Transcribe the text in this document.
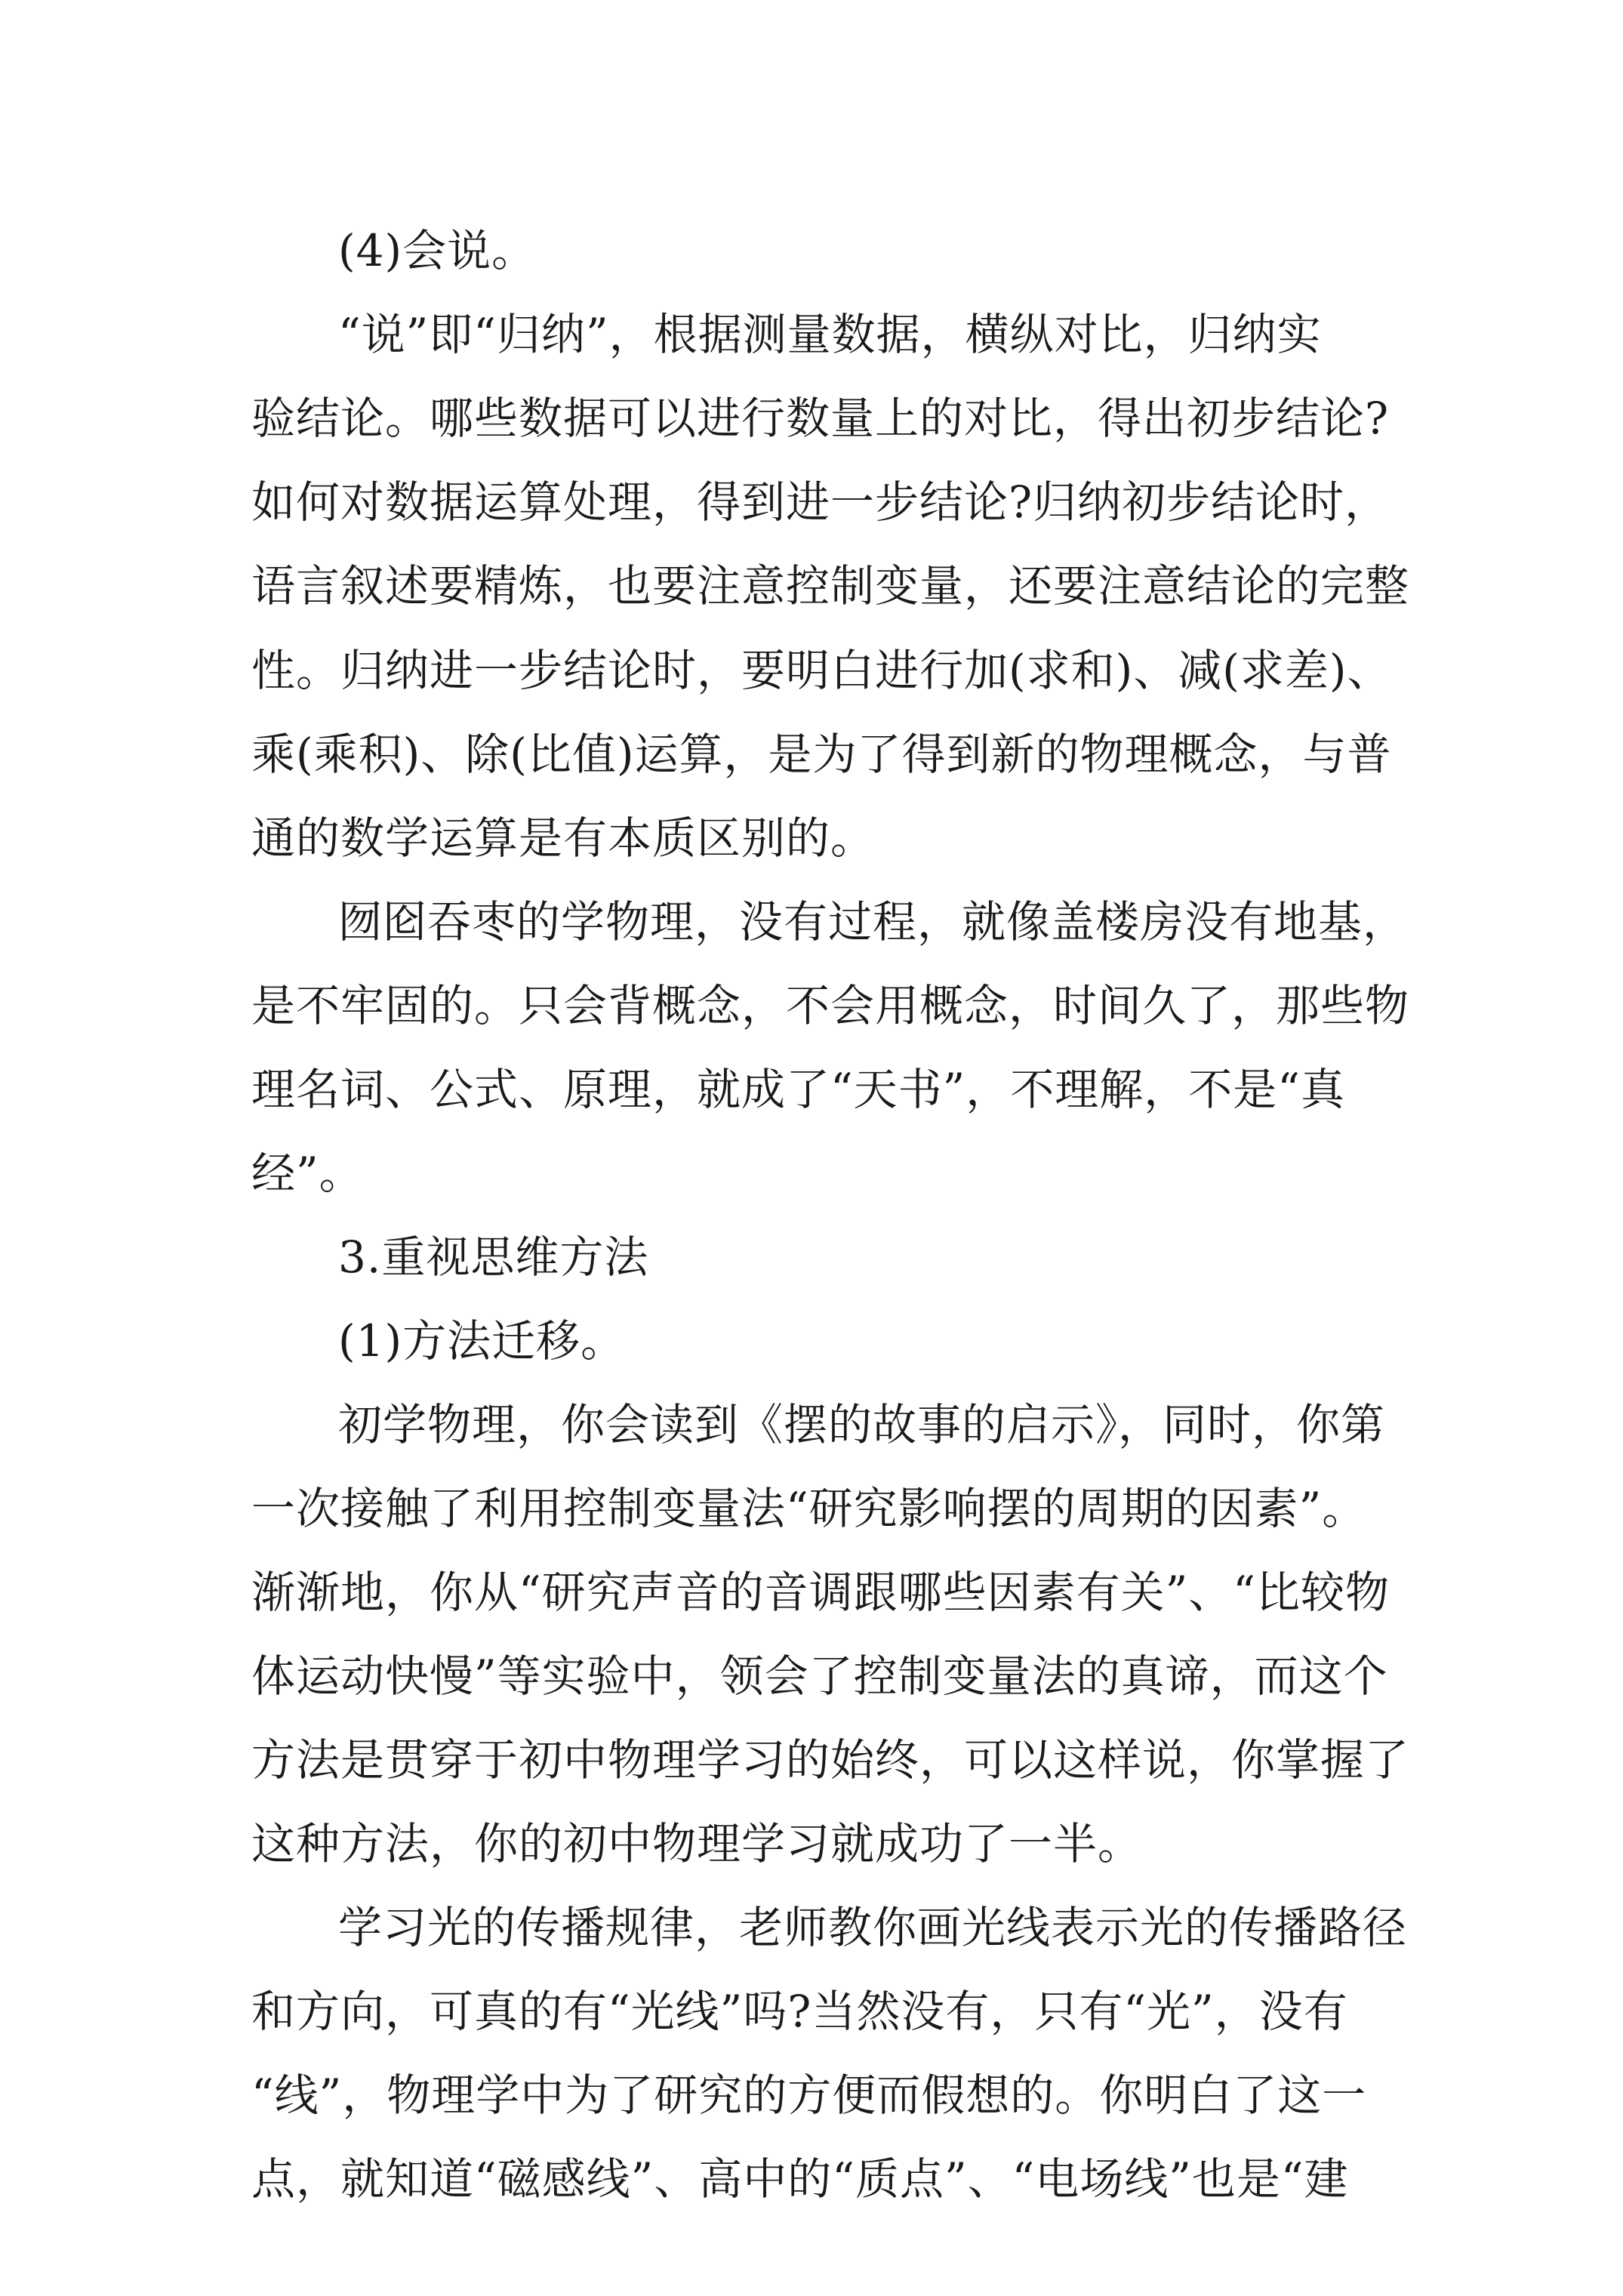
(4)会说。
“说”即“归纳”，根据测量数据，横纵对比，归纳实
验结论。哪些数据可以进行数量上的对比，得出初步结论?
如何对数据运算处理，得到进一步结论?归纳初步结论时，
语言叙述要精炼，也要注意控制变量，还要注意结论的完整
性。归纳进一步结论时，要明白进行加(求和)、减(求差)、
乘(乘积)、除(比值)运算，是为了得到新的物理概念，与普
通的数学运算是有本质区别的。
囫囵吞枣的学物理，没有过程，就像盖楼房没有地基，
是不牢固的。只会背概念，不会用概念，时间久了，那些物
理名词、公式、原理，就成了“天书”，不理解，不是“真
经”。
3.重视思维方法
(1)方法迁移。
初学物理，你会读到《摆的故事的启示》，同时，你第
一次接触了利用控制变量法“研究影响摆的周期的因素”。
渐渐地，你从“研究声音的音调跟哪些因素有关”、“比较物
体运动快慢”等实验中，领会了控制变量法的真谛，而这个
方法是贯穿于初中物理学习的始终，可以这样说，你掌握了
这种方法，你的初中物理学习就成功了一半。
学习光的传播规律，老师教你画光线表示光的传播路径
和方向，可真的有“光线”吗?当然没有，只有“光”，没有
“线”，物理学中为了研究的方便而假想的。你明白了这一
点，就知道“磁感线”、高中的“质点”、“电场线”也是“建
